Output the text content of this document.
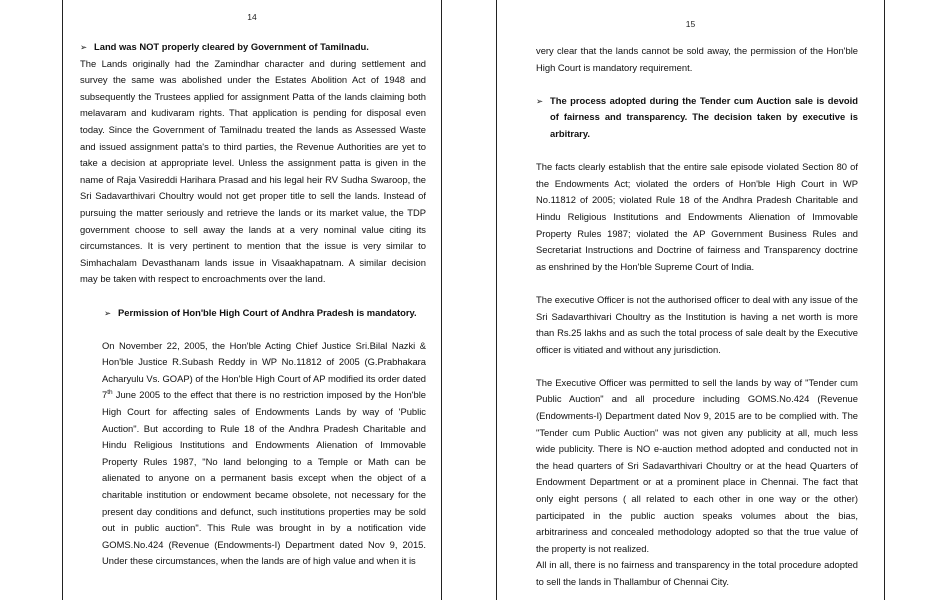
14
➢ Land was NOT properly cleared by Government of Tamilnadu.

The Lands originally had the Zamindhar character and during settlement and survey the same was abolished under the Estates Abolition Act of 1948 and subsequently the Trustees applied for assignment Patta of the lands claiming both melavaram and kudivaram rights. That application is pending for disposal even today. Since the Government of Tamilnadu treated the lands as Assessed Waste and issued assignment patta's to third parties, the Revenue Authorities are yet to take a decision at appropriate level. Unless the assignment patta is given in the name of Raja Vasireddi Harihara Prasad and his legal heir RV Sudha Swaroop, the Sri Sadavarthivari Choultry would not get proper title to sell the lands. Instead of pursuing the matter seriously and retrieve the lands or its market value, the TDP government choose to sell away the lands at a very nominal value citing its circumstances. It is very pertinent to mention that the issue is very similar to Simhachalam Devasthanam lands issue in Visaakhapatnam. A similar decision may be taken with respect to encroachments over the land.

➢ Permission of Hon'ble High Court of Andhra Pradesh is mandatory.

On November 22, 2005, the Hon'ble Acting Chief Justice Sri.Bilal Nazki & Hon'ble Justice R.Subash Reddy in WP No.11812 of 2005 (G.Prabhakara Acharyulu Vs. GOAP) of the Hon'ble High Court of AP modified its order dated 7th June 2005 to the effect that there is no restriction imposed by the Hon'ble High Court for affecting sales of Endowments Lands by way of 'Public Auction". But according to Rule 18 of the Andhra Pradesh Charitable and Hindu Religious Institutions and Endowments Alienation of Immovable Property Rules 1987, "No land belonging to a Temple or Math can be alienated to anyone on a permanent basis except when the object of a charitable institution or endowment became obsolete, not necessary for the present day conditions and defunct, such institutions properties may be sold out in public auction". This Rule was brought in by a notification vide GOMS.No.424 (Revenue (Endowments-I) Department dated Nov 9, 2015. Under these circumstances, when the lands are of high value and when it is

15

very clear that the lands cannot be sold away, the permission of the Hon'ble High Court is mandatory requirement.

➢ The process adopted during the Tender cum Auction sale is devoid of fairness and transparency. The decision taken by executive is arbitrary.

The facts clearly establish that the entire sale episode violated Section 80 of the Endowments Act; violated the orders of Hon'ble High Court in WP No.11812 of 2005; violated Rule 18 of the Andhra Pradesh Charitable and Hindu Religious Institutions and Endowments Alienation of Immovable Property Rules 1987; violated the AP Government Business Rules and Secretariat Instructions and Doctrine of fairness and Transparency doctrine as enshrined by the Hon'ble Supreme Court of India.

The executive Officer is not the authorised officer to deal with any issue of the Sri Sadavarthivari Choultry as the Institution is having a net worth is more than Rs.25 lakhs and as such the total process of sale dealt by the Executive officer is vitiated and without any jurisdiction.

The Executive Officer was permitted to sell the lands by way of "Tender cum Public Auction" and all procedure including GOMS.No.424 (Revenue (Endowments-I) Department dated Nov 9, 2015 are to be complied with. The "Tender cum Public Auction" was not given any publicity at all, much less wide publicity. There is NO e-auction method adopted and conducted not in the head quarters of Sri Sadavarthivari Choultry or at the head Quarters of Endowment Department or at a prominent place in Chennai. The fact that only eight persons ( all related to each other in one way or the other) participated in the public auction speaks volumes about the bias, arbitrariness and concealed methodology adopted so that the true value of the property is not realized.

All in all, there is no fairness and transparency in the total procedure adopted to sell the lands in Thallambur of Chennai City.
